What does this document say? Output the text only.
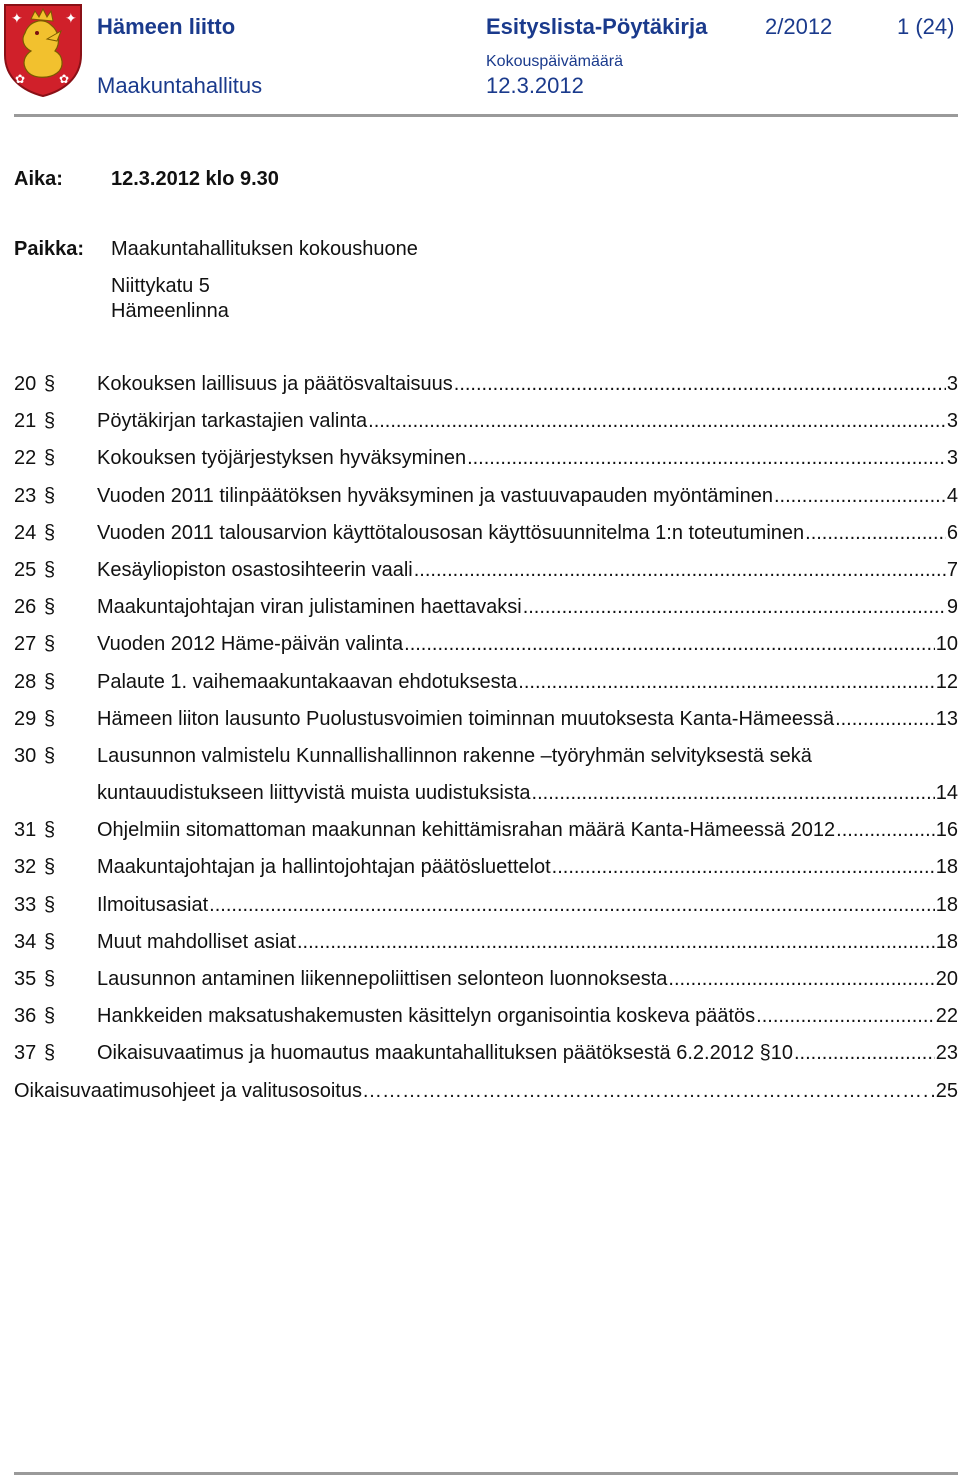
✦	✦
✿	✿
Hämeen liitto
Maakuntahallitus
Esityslista-Pöytäkirja	2/2012	1 (24)
Kokouspäivämäärä
12.3.2012
Aika: 12.3.2012 klo 9.30
Paikka: Maakuntahallituksen kokoushuone
Niittykatu 5
Hämeenlinna
20 §	Kokouksen laillisuus ja päätösvaltaisuus .....	3
21 §	Pöytäkirjan tarkastajien valinta .....	3
22 §	Kokouksen työjärjestyksen hyväksyminen .....	3
23 §	Vuoden 2011 tilinpäätöksen hyväksyminen ja vastuuvapauden myöntäminen .....	4
24 §	Vuoden 2011 talousarvion käyttötalousosan käyttösuunnitelma 1:n toteutuminen .....	6
25 §	Kesäyliopiston osastosihteerin vaali .....	7
26 §	Maakuntajohtajan viran julistaminen haettavaksi .....	9
27 §	Vuoden 2012 Häme-päivän valinta .....	10
28 §	Palaute 1. vaihemaakuntakaavan ehdotuksesta .....	12
29 §	Hämeen liiton lausunto Puolustusvoimien toiminnan muutoksesta Kanta-Hämeessä .....	13
30 §	Lausunnon valmistelu Kunnallishallinnon rakenne –työryhmän selvityksestä sekä
kuntauudistukseen liittyvistä muista uudistuksista .....	14
31 §	Ohjelmiin sitomattoman maakunnan kehittämisrahan määrä Kanta-Hämeessä 2012 .....	16
32 §	Maakuntajohtajan ja hallintojohtajan päätösluettelot .....	18
33 §	Ilmoitusasiat .....	18
34 §	Muut mahdolliset asiat .....	18
35 §	Lausunnon antaminen liikennepoliittisen selonteon luonnoksesta .....	20
36 §	Hankkeiden maksatushakemusten käsittelyn organisointia koskeva päätös .....	22
37 §	Oikaisuvaatimus ja huomautus maakuntahallituksen päätöksestä 6.2.2012 §10 .....	23
Oikaisuvaatimusohjeet ja valitusosoitus ……………………………………………………………………………………………………………………………………	.25
